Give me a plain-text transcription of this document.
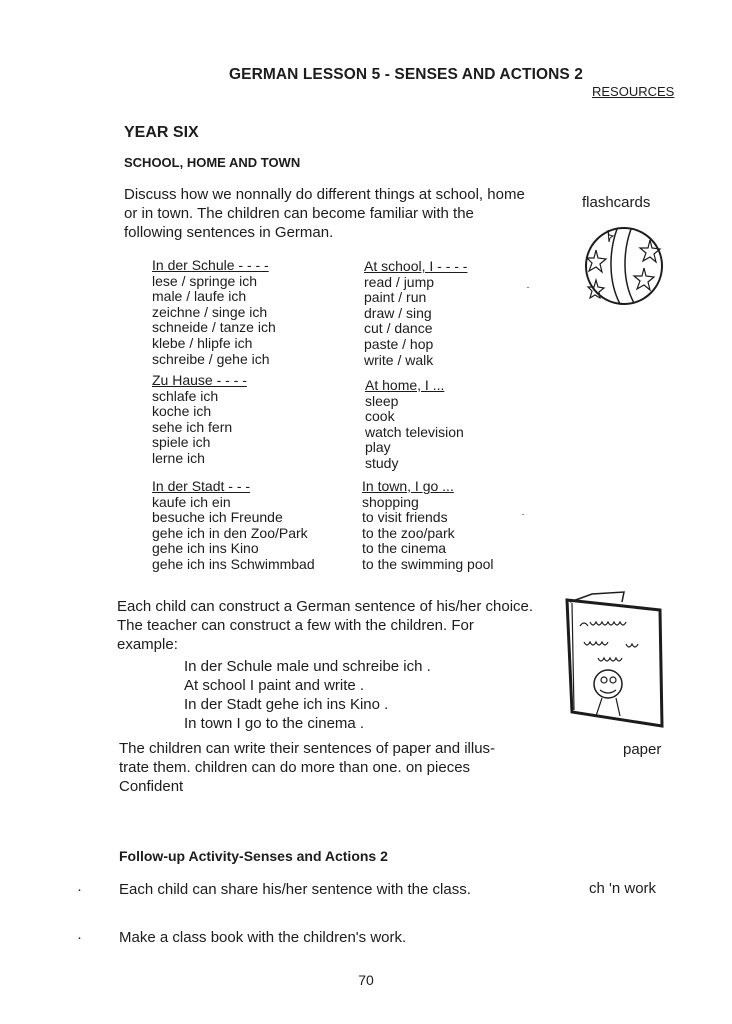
GERMAN LESSON 5 - SENSES AND ACTIONS 2
RESOURCES
YEAR SIX
SCHOOL, HOME AND TOWN
Discuss how we nonnally do different things at school, home or in town. The children can become familiar with the following sentences in German.
In der Schule - - - -
lese / springe ich
male / laufe ich
zeichne / singe ich
schneide / tanze ich
klebe / hlipfe ich
schreibe / gehe ich
At school, I - - - -
read / jump
paint / run
draw / sing
cut / dance
paste / hop
write / walk
Zu Hause - - - -
schlafe ich
koche ich
sehe ich fern
spiele ich
lerne ich
At home, I ...
sleep
cook
watch television
play
study
In der Stadt - - -
kaufe ich ein
besuche ich Freunde
gehe ich in den Zoo/Park
gehe ich ins Kino
gehe ich ins Schwimmbad
In town, I go ...
shopping
to visit friends
to the zoo/park
to the cinema
to the swimming pool
flashcards
Each child can construct a German sentence of his/her choice. The teacher can construct a few with the children. For example:
In der Schule male und schreibe ich .
At school I paint and write .
In der Stadt gehe ich ins Kino .
In town I go to the cinema .
The children can write their sentences of paper and illus-
trate them. children can do more than one. on pieces
Confident
paper
Follow-up Activity-Senses and Actions 2
· Each child can share his/her sentence with the class.	ch 'n work
· Make a class book with the children's work.
70
